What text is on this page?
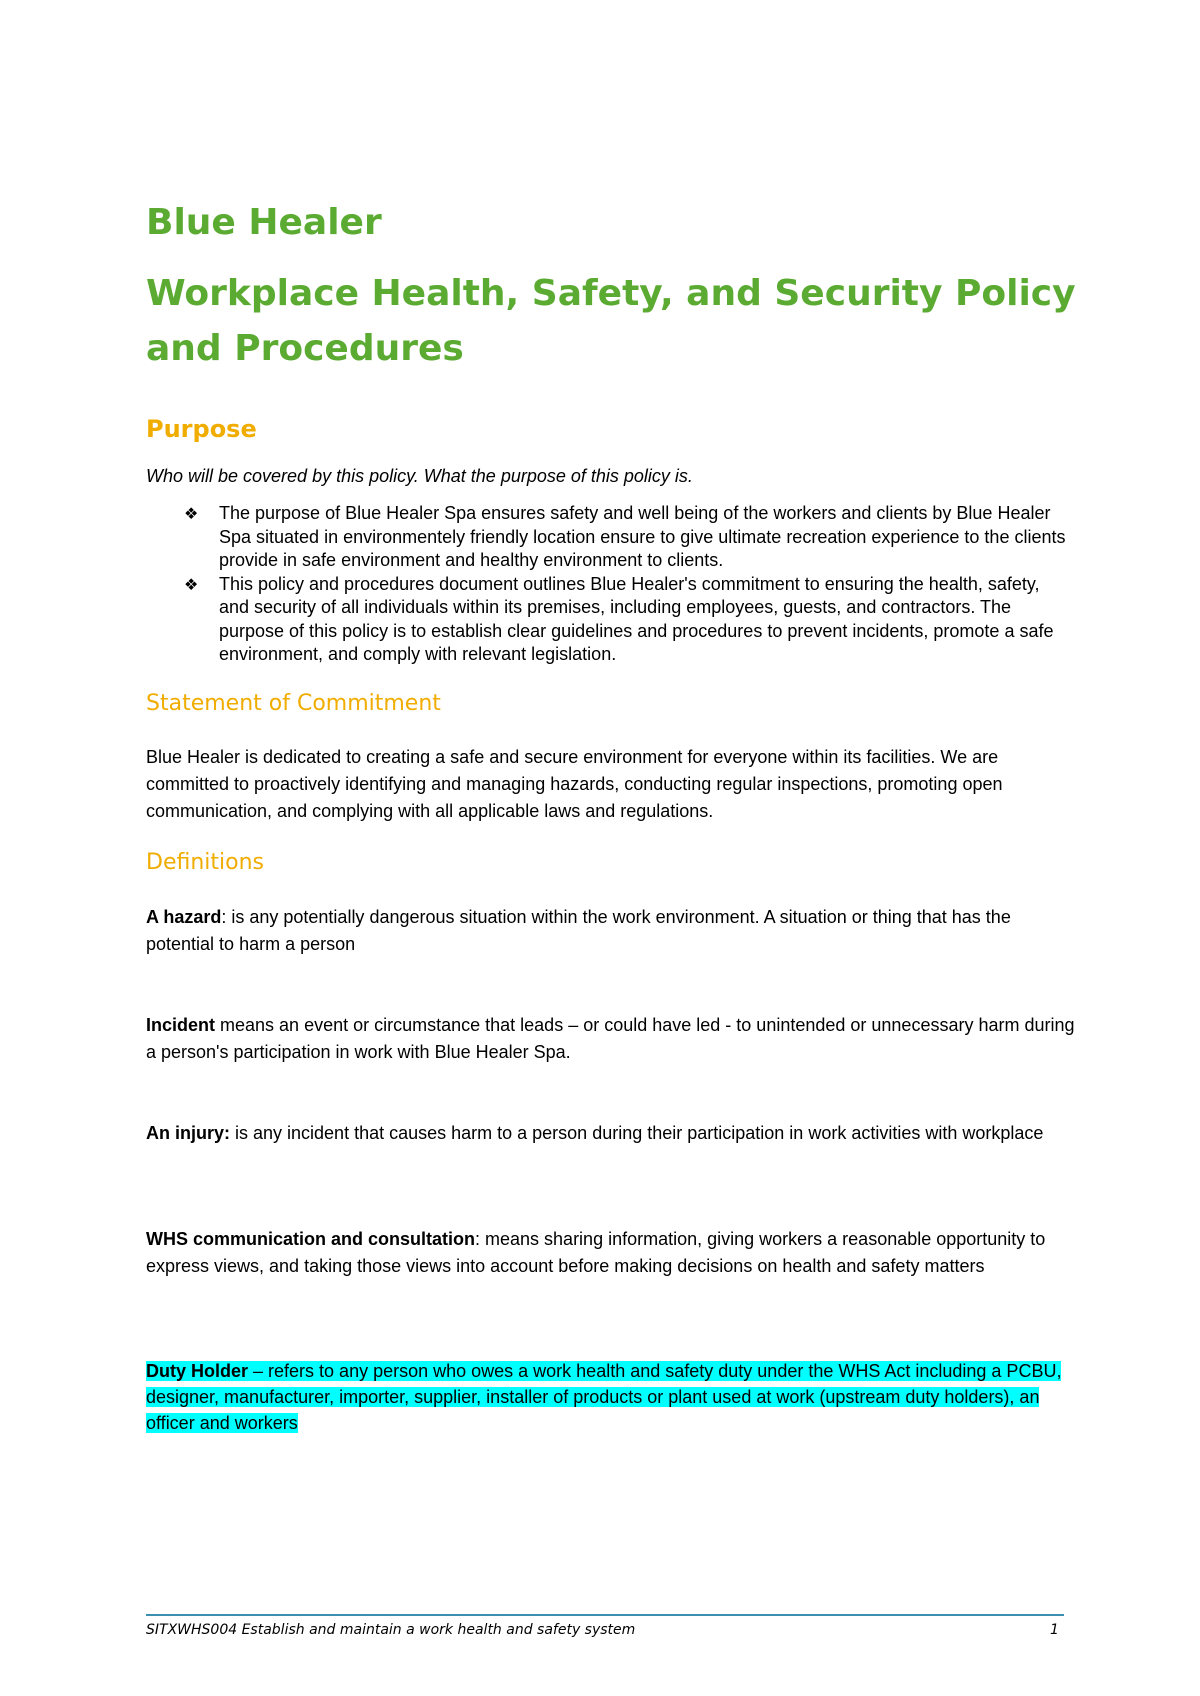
Blue Healer
Workplace Health, Safety, and Security Policy and Procedures
Purpose

Who will be covered by this policy. What the purpose of this policy is.

❖ The purpose of Blue Healer Spa ensures safety and well being of the workers and clients by Blue Healer Spa situated in environmentely friendly location ensure to give ultimate recreation experience to the clients provide in safe environment and healthy environment to clients.
❖ This policy and procedures document outlines Blue Healer's commitment to ensuring the health, safety, and security of all individuals within its premises, including employees, guests, and contractors. The purpose of this policy is to establish clear guidelines and procedures to prevent incidents, promote a safe environment, and comply with relevant legislation.
Statement of Commitment

Blue Healer is dedicated to creating a safe and secure environment for everyone within its facilities. We are committed to proactively identifying and managing hazards, conducting regular inspections, promoting open communication, and complying with all applicable laws and regulations.

Definitions

A hazard: is any potentially dangerous situation within the work environment. A situation or thing that has the potential to harm a person

Incident means an event or circumstance that leads – or could have led - to unintended or unnecessary harm during a person's participation in work with Blue Healer Spa.

An injury: is any incident that causes harm to a person during their participation in work activities with workplace

WHS communication and consultation: means sharing information, giving workers a reasonable opportunity to express views, and taking those views into account before making decisions on health and safety matters

Duty Holder – refers to any person who owes a work health and safety duty under the WHS Act including a PCBU, designer, manufacturer, importer, supplier, installer of products or plant used at work (upstream duty holders), an officer and workers

SITXWHS004 Establish and maintain a work health and safety system	1
